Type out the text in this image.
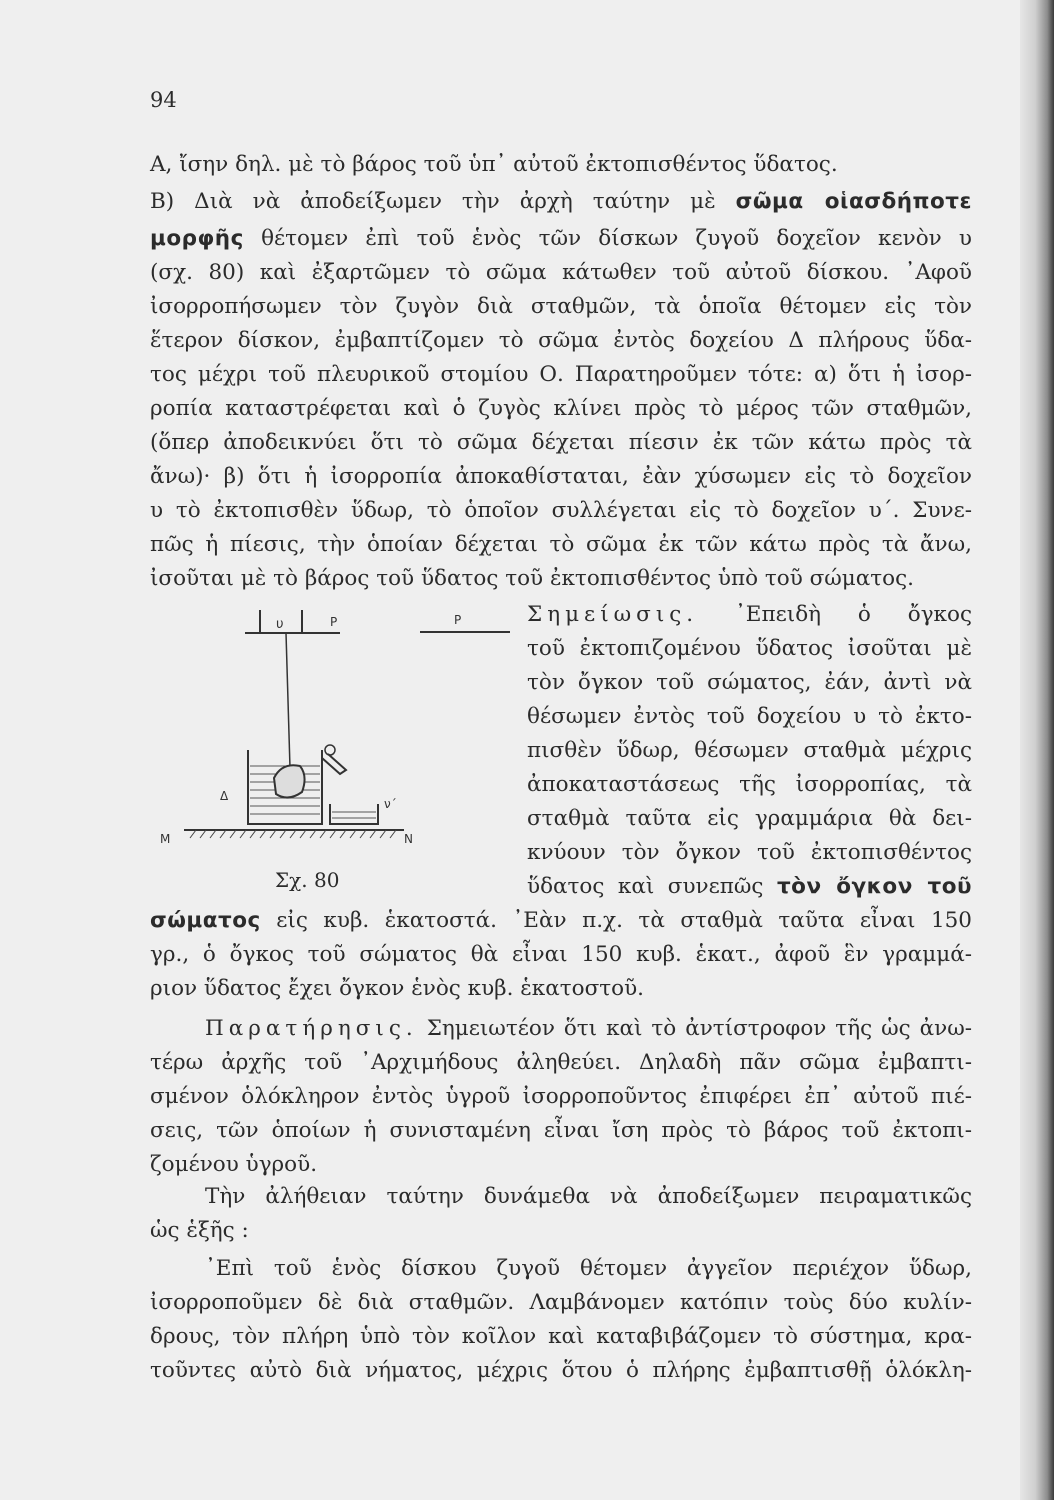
94
Α, ἴσην δηλ. μὲ τὸ βάρος τοῦ ὑπ᾽ αὐτοῦ ἐκτοπισθέντος ὕδατος.
Β) Διὰ νὰ ἀποδείξωμεν τὴν ἀρχὴ ταύτην μὲ σῶμα οἱασδήποτε
μορφῆς θέτομεν ἐπὶ τοῦ ἑνὸς τῶν δίσκων ζυγοῦ δοχεῖον κενὸν υ
(σχ. 80) καὶ ἐξαρτῶμεν τὸ σῶμα κάτωθεν τοῦ αὐτοῦ δίσκου. ᾽Αφοῦ
ἰσορροπήσωμεν τὸν ζυγὸν διὰ σταθμῶν, τὰ ὁποῖα θέτομεν εἰς τὸν
ἕτερον δίσκον, ἐμβαπτίζομεν τὸ σῶμα ἐντὸς δοχείου Δ πλήρους ὕδα-
τος μέχρι τοῦ πλευρικοῦ στομίου Ο. Παρατηροῦμεν τότε: α) ὅτι ἡ ἰσορ-
ροπία καταστρέφεται καὶ ὁ ζυγὸς κλίνει πρὸς τὸ μέρος τῶν σταθμῶν,
(ὅπερ ἀποδεικνύει ὅτι τὸ σῶμα δέχεται πίεσιν ἐκ τῶν κάτω πρὸς τὰ
ἄνω)· β) ὅτι ἡ ἰσορροπία ἀποκαθίσταται, ἐὰν χύσωμεν εἰς τὸ δοχεῖον
υ τὸ ἐκτοπισθὲν ὕδωρ, τὸ ὁποῖον συλλέγεται εἰς τὸ δοχεῖον υ΄. Συνε-
πῶς ἡ πίεσις, τὴν ὁποίαν δέχεται τὸ σῶμα ἐκ τῶν κάτω πρὸς τὰ ἄνω,
ἰσοῦται μὲ τὸ βάρος τοῦ ὕδατος τοῦ ἐκτοπισθέντος ὑπὸ τοῦ σώματος.
υ	P	P
Δ
ν΄
M	N
Σχ. 80
Σημείωσις. ᾽Επειδὴ ὁ ὄγκος
τοῦ ἐκτοπιζομένου ὕδατος ἰσοῦται μὲ
τὸν ὄγκον τοῦ σώματος, ἐάν, ἀντὶ νὰ
θέσωμεν ἐντὸς τοῦ δοχείου υ τὸ ἐκτο-
πισθὲν ὕδωρ, θέσωμεν σταθμὰ μέχρις
ἀποκαταστάσεως τῆς ἰσορροπίας, τὰ
σταθμὰ ταῦτα εἰς γραμμάρια θὰ δει-
κνύουν τὸν ὄγκον τοῦ ἐκτοπισθέντος
ὕδατος καὶ συνεπῶς τὸν ὄγκον τοῦ
σώματος εἰς κυβ. ἑκατοστά. ᾽Εὰν π.χ. τὰ σταθμὰ ταῦτα εἶναι 150
γρ., ὁ ὄγκος τοῦ σώματος θὰ εἶναι 150 κυβ. ἑκατ., ἀφοῦ ἓν γραμμά-
ριον ὕδατος ἔχει ὄγκον ἑνὸς κυβ. ἑκατοστοῦ.
Παρατήρησις. Σημειωτέον ὅτι καὶ τὸ ἀντίστροφον τῆς ὡς ἀνω-
τέρω ἀρχῆς τοῦ ᾽Αρχιμήδους ἀληθεύει. Δηλαδὴ πᾶν σῶμα ἐμβαπτι-
σμένον ὁλόκληρον ἐντὸς ὑγροῦ ἰσορροποῦντος ἐπιφέρει ἐπ᾽ αὐτοῦ πιέ-
σεις, τῶν ὁποίων ἡ συνισταμένη εἶναι ἴση πρὸς τὸ βάρος τοῦ ἐκτοπι-
ζομένου ὑγροῦ.
Τὴν ἀλήθειαν ταύτην δυνάμεθα νὰ ἀποδείξωμεν πειραματικῶς
ὡς ἑξῆς :
᾽Επὶ τοῦ ἑνὸς δίσκου ζυγοῦ θέτομεν ἀγγεῖον περιέχον ὕδωρ,
ἰσορροποῦμεν δὲ διὰ σταθμῶν. Λαμβάνομεν κατόπιν τοὺς δύο κυλίν-
δρους, τὸν πλήρη ὑπὸ τὸν κοῖλον καὶ καταβιβάζομεν τὸ σύστημα, κρα-
τοῦντες αὐτὸ διὰ νήματος, μέχρις ὅτου ὁ πλήρης ἐμβαπτισθῇ ὁλόκλη-
